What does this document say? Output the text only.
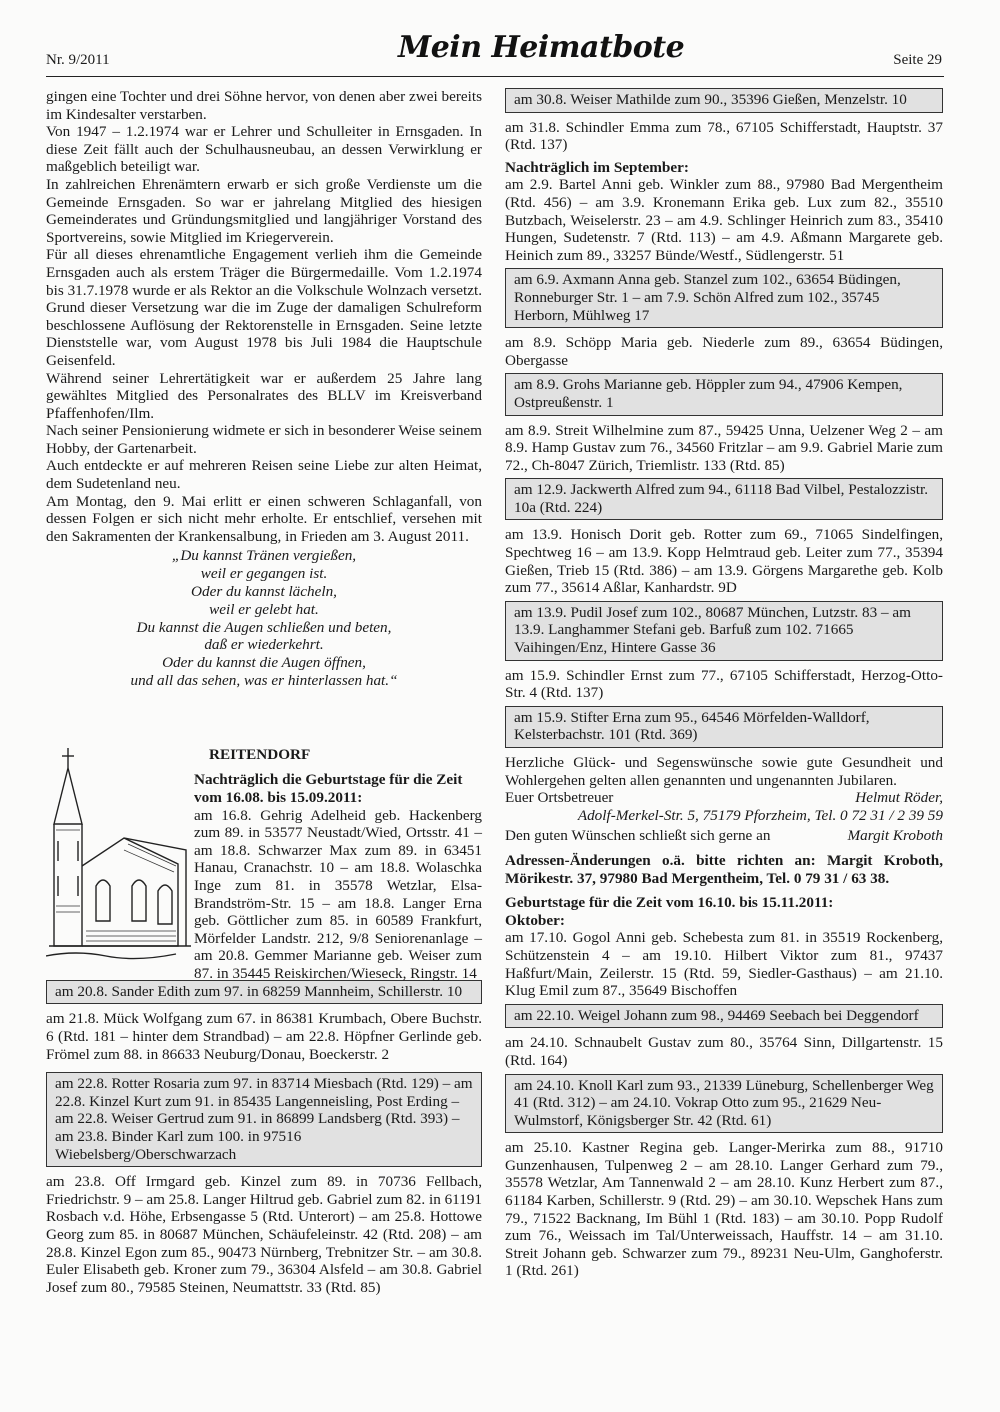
Nr. 9/2011	Mein Heimatbote	Seite 29

gingen eine Tochter und drei Söhne hervor, von denen aber zwei bereits im Kindesalter verstarben.

Von 1947 – 1.2.1974 war er Lehrer und Schulleiter in Ernsgaden. In diese Zeit fällt auch der Schulhausneubau, an dessen Verwirklung er maßgeblich beteiligt war.

In zahlreichen Ehrenämtern erwarb er sich große Verdienste um die Gemeinde Ernsgaden. So war er jahrelang Mitglied des hiesigen Gemeinderates und Gründungsmitglied und langjähriger Vorstand des Sportvereins, sowie Mitglied im Kriegerverein.

Für all dieses ehrenamtliche Engagement verlieh ihm die Gemeinde Ernsgaden auch als erstem Träger die Bürgermedaille. Vom 1.2.1974 bis 31.7.1978 wurde er als Rektor an die Volkschule Wolnzach versetzt. Grund dieser Versetzung war die im Zuge der damaligen Schulreform beschlossene Auflösung der Rektorenstelle in Ernsgaden. Seine letzte Dienststelle war, vom August 1978 bis Juli 1984 die Hauptschule Geisenfeld.

Während seiner Lehrertätigkeit war er außerdem 25 Jahre lang gewähltes Mitglied des Personalrates des BLLV im Kreisverband Pfaffenhofen/Ilm.

Nach seiner Pensionierung widmete er sich in besonderer Weise seinem Hobby, der Gartenarbeit.

Auch entdeckte er auf mehreren Reisen seine Liebe zur alten Heimat, dem Sudetenland neu.

Am Montag, den 9. Mai erlitt er einen schweren Schlaganfall, von dessen Folgen er sich nicht mehr erholte. Er entschlief, versehen mit den Sakramenten der Krankensalbung, in Frieden am 3. August 2011.

„Du kannst Tränen vergießen,
weil er gegangen ist.
Oder du kannst lächeln,
weil er gelebt hat.
Du kannst die Augen schließen und beten,
daß er wiederkehrt.
Oder du kannst die Augen öffnen,
und all das sehen, was er hinterlassen hat.“
REITENDORF
Nachträglich die Geburtstage für die Zeit vom 16.08. bis 15.09.2011:

am 16.8. Gehrig Adelheid geb. Hackenberg zum 89. in 53577 Neustadt/Wied, Ortsstr. 41 – am 18.8. Schwarzer Max zum 89. in 63451 Hanau, Cranachstr. 10 – am 18.8. Wolaschka Inge zum 81. in 35578 Wetzlar, Elsa-Brandström-Str. 15 – am 18.8. Langer Erna geb. Göttlicher zum 85. in 60589 Frankfurt, Mörfelder Landstr. 212, 9/8 Seniorenanlage – am 20.8. Gemmer Marianne geb. Weiser zum 87. in 35445 Reiskirchen/Wieseck, Ringstr. 14

am 20.8. Sander Edith zum 97. in 68259 Mannheim, Schillerstr. 10

am 21.8. Mück Wolfgang zum 67. in 86381 Krumbach, Obere Buchstr. 6 (Rtd. 181 – hinter dem Strandbad) – am 22.8. Höpfner Gerlinde geb. Frömel zum 88. in 86633 Neuburg/Donau, Boeckerstr. 2

am 22.8. Rotter Rosaria zum 97. in 83714 Miesbach (Rtd. 129) – am 22.8. Kinzel Kurt zum 91. in 85435 Langenneisling, Post Erding – am 22.8. Weiser Gertrud zum 91. in 86899 Landsberg (Rtd. 393) – am 23.8. Binder Karl zum 100. in 97516 Wiebelsberg/Oberschwarzach

am 23.8. Off Irmgard geb. Kinzel zum 89. in 70736 Fellbach, Friedrichstr. 9 – am 25.8. Langer Hiltrud geb. Gabriel zum 82. in 61191 Rosbach v.d. Höhe, Erbsengasse 5 (Rtd. Unterort) – am 25.8. Hottowe Georg zum 85. in 80687 München, Schäufeleinstr. 42 (Rtd. 208) – am 28.8. Kinzel Egon zum 85., 90473 Nürnberg, Trebnitzer Str. – am 30.8. Euler Elisabeth geb. Kroner zum 79., 36304 Alsfeld – am 30.8. Gabriel Josef zum 80., 79585 Steinen, Neumattstr. 33 (Rtd. 85)

am 30.8. Weiser Mathilde zum 90., 35396 Gießen, Menzelstr. 10

am 31.8. Schindler Emma zum 78., 67105 Schifferstadt, Hauptstr. 37 (Rtd. 137)

Nachträglich im September:

am 2.9. Bartel Anni geb. Winkler zum 88., 97980 Bad Mergentheim (Rtd. 456) – am 3.9. Kronemann Erika geb. Lux zum 82., 35510 Butzbach, Weiselerstr. 23 – am 4.9. Schlinger Heinrich zum 83., 35410 Hungen, Sudetenstr. 7 (Rtd. 113) – am 4.9. Aßmann Margarete geb. Heinich zum 89., 33257 Bünde/Westf., Südlengerstr. 51

am 6.9. Axmann Anna geb. Stanzel zum 102., 63654 Büdingen, Ronneburger Str. 1 – am 7.9. Schön Alfred zum 102., 35745 Herborn, Mühlweg 17

am 8.9. Schöpp Maria geb. Niederle zum 89., 63654 Büdingen, Obergasse

am 8.9. Grohs Marianne geb. Höppler zum 94., 47906 Kempen, Ostpreußenstr. 1

am 8.9. Streit Wilhelmine zum 87., 59425 Unna, Uelzener Weg 2 – am 8.9. Hamp Gustav zum 76., 34560 Fritzlar – am 9.9. Gabriel Marie zum 72., Ch-8047 Zürich, Triemlistr. 133 (Rtd. 85)

am 12.9. Jackwerth Alfred zum 94., 61118 Bad Vilbel, Pestalozzistr. 10a (Rtd. 224)

am 13.9. Honisch Dorit geb. Rotter zum 69., 71065 Sindelfingen, Spechtweg 16 – am 13.9. Kopp Helmtraud geb. Leiter zum 77., 35394 Gießen, Trieb 15 (Rtd. 386) – am 13.9. Görgens Margarethe geb. Kolb zum 77., 35614 Aßlar, Kanhardstr. 9D

am 13.9. Pudil Josef zum 102., 80687 München, Lutzstr. 83 – am 13.9. Langhammer Stefani geb. Barfuß zum 102. 71665 Vaihingen/Enz, Hintere Gasse 36

am 15.9. Schindler Ernst zum 77., 67105 Schifferstadt, Herzog-Otto-Str. 4 (Rtd. 137)

am 15.9. Stifter Erna zum 95., 64546 Mörfelden-Walldorf, Kelsterbachstr. 101 (Rtd. 369)

Herzliche Glück- und Segenswünsche sowie gute Gesundheit und Wohlergehen gelten allen genannten und ungenannten Jubilaren.

Euer Ortsbetreuer	Helmut Röder,
Adolf-Merkel-Str. 5, 75179 Pforzheim, Tel. 0 72 31 / 2 39 59
Den guten Wünschen schließt sich gerne an	Margit Kroboth

Adressen-Änderungen o.ä. bitte richten an: Margit Kroboth, Mörikestr. 37, 97980 Bad Mergentheim, Tel. 0 79 31 / 63 38.

Geburtstage für die Zeit vom 16.10. bis 15.11.2011:
Oktober:

am 17.10. Gogol Anni geb. Schebesta zum 81. in 35519 Rockenberg, Schützenstein 4 – am 19.10. Hilbert Viktor zum 81., 97437 Haßfurt/Main, Zeilerstr. 15 (Rtd. 59, Siedler-Gasthaus) – am 21.10. Klug Emil zum 87., 35649 Bischoffen

am 22.10. Weigel Johann zum 98., 94469 Seebach bei Deggendorf

am 24.10. Schnaubelt Gustav zum 80., 35764 Sinn, Dillgartenstr. 15 (Rtd. 164)

am 24.10. Knoll Karl zum 93., 21339 Lüneburg, Schellenberger Weg 41 (Rtd. 312) – am 24.10. Vokrap Otto zum 95., 21629 Neu-Wulmstorf, Königsberger Str. 42 (Rtd. 61)

am 25.10. Kastner Regina geb. Langer-Merirka zum 88., 91710 Gunzenhausen, Tulpenweg 2 – am 28.10. Langer Gerhard zum 79., 35578 Wetzlar, Am Tannenwald 2 – am 28.10. Kunz Herbert zum 87., 61184 Karben, Schillerstr. 9 (Rtd. 29) – am 30.10. Wepschek Hans zum 79., 71522 Backnang, Im Bühl 1 (Rtd. 183) – am 30.10. Popp Rudolf zum 76., Weissach im Tal/Unterweissach, Hauffstr. 14 – am 31.10. Streit Johann geb. Schwarzer zum 79., 89231 Neu-Ulm, Ganghoferstr. 1 (Rtd. 261)
